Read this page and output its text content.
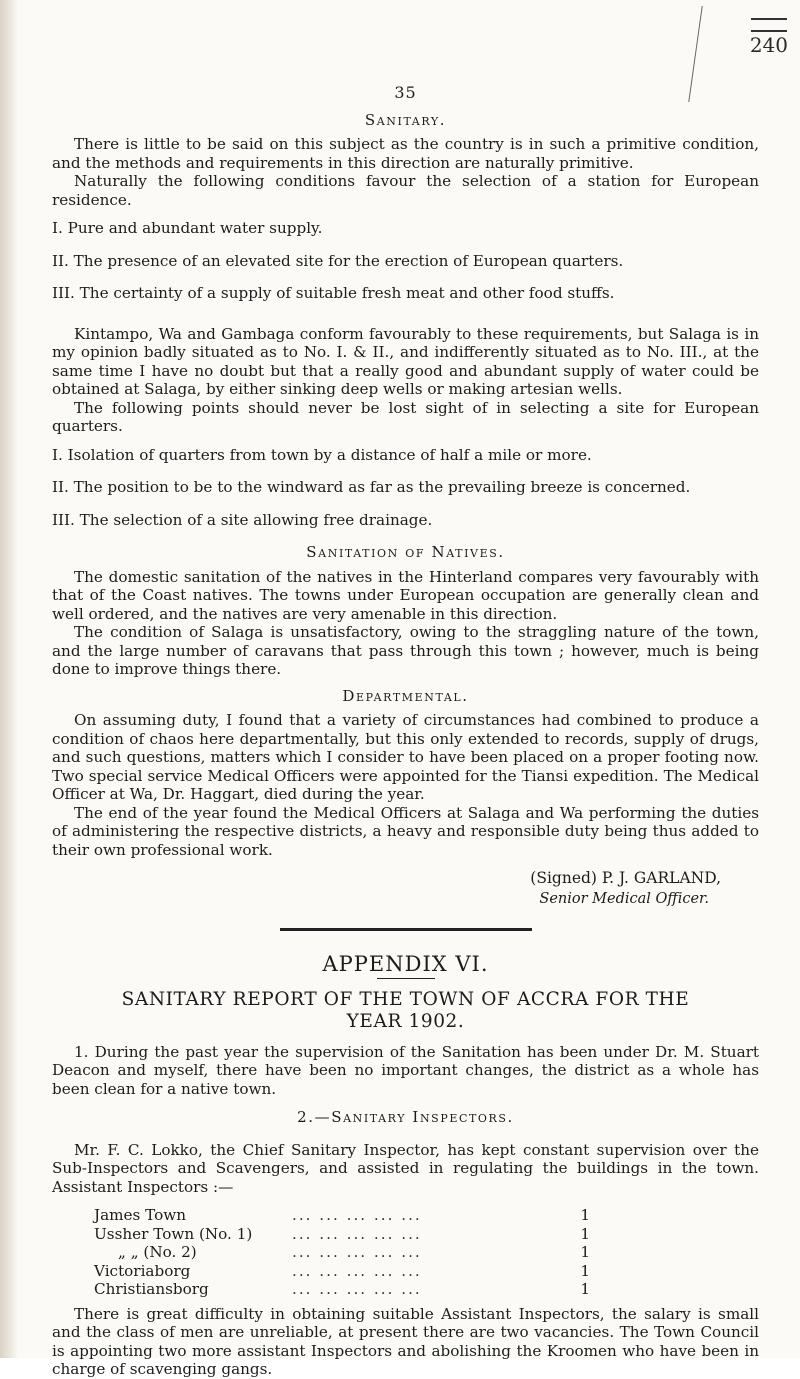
240
35
Sanitary.

There is little to be said on this subject as the country is in such a primitive condition, and the methods and requirements in this direction are naturally primitive.

Naturally the following conditions favour the selection of a station for European residence.

I. Pure and abundant water supply.

II. The presence of an elevated site for the erection of European quarters.

III. The certainty of a supply of suitable fresh meat and other food stuffs.

Kintampo, Wa and Gambaga conform favourably to these requirements, but Salaga is in my opinion badly situated as to No. I. & II., and indifferently situated as to No. III., at the same time I have no doubt but that a really good and abundant supply of water could be obtained at Salaga, by either sinking deep wells or making artesian wells.

The following points should never be lost sight of in selecting a site for European quarters.

I. Isolation of quarters from town by a distance of half a mile or more.

II. The position to be to the windward as far as the prevailing breeze is concerned.

III. The selection of a site allowing free drainage.

Sanitation of Natives.

The domestic sanitation of the natives in the Hinterland compares very favourably with that of the Coast natives. The towns under European occupation are generally clean and well ordered, and the natives are very amenable in this direction.

The condition of Salaga is unsatisfactory, owing to the straggling nature of the town, and the large number of caravans that pass through this town ; however, much is being done to improve things there.

Departmental.

On assuming duty, I found that a variety of circumstances had combined to produce a condition of chaos here departmentally, but this only extended to records, supply of drugs, and such questions, matters which I consider to have been placed on a proper footing now. Two special service Medical Officers were appointed for the Tiansi expedition. The Medical Officer at Wa, Dr. Haggart, died during the year.

The end of the year found the Medical Officers at Salaga and Wa performing the duties of administering the respective districts, a heavy and responsible duty being thus added to their own professional work.

(Signed) P. J. GARLAND,
Senior Medical Officer.
APPENDIX VI.
SANITARY REPORT OF THE TOWN OF ACCRA FOR THE
YEAR 1902.

1. During the past year the supervision of the Sanitation has been under Dr. M. Stuart Deacon and myself, there have been no important changes, the district as a whole has been clean for a native town.

2.—Sanitary Inspectors.

Mr. F. C. Lokko, the Chief Sanitary Inspector, has kept constant supervision over the Sub-Inspectors and Scavengers, and assisted in regulating the buildings in the town. Assistant Inspectors :—

James Town	... ... ... ... ...	1
Ussher Town (No. 1)	... ... ... ... ...	1
„ „ (No. 2)	... ... ... ... ...	1
Victoriaborg	... ... ... ... ...	1
Christiansborg	... ... ... ... ...	1

There is great difficulty in obtaining suitable Assistant Inspectors, the salary is small and the class of men are unreliable, at present there are two vacancies. The Town Council is appointing two more assistant Inspectors and abolishing the Kroomen who have been in charge of scavenging gangs.
